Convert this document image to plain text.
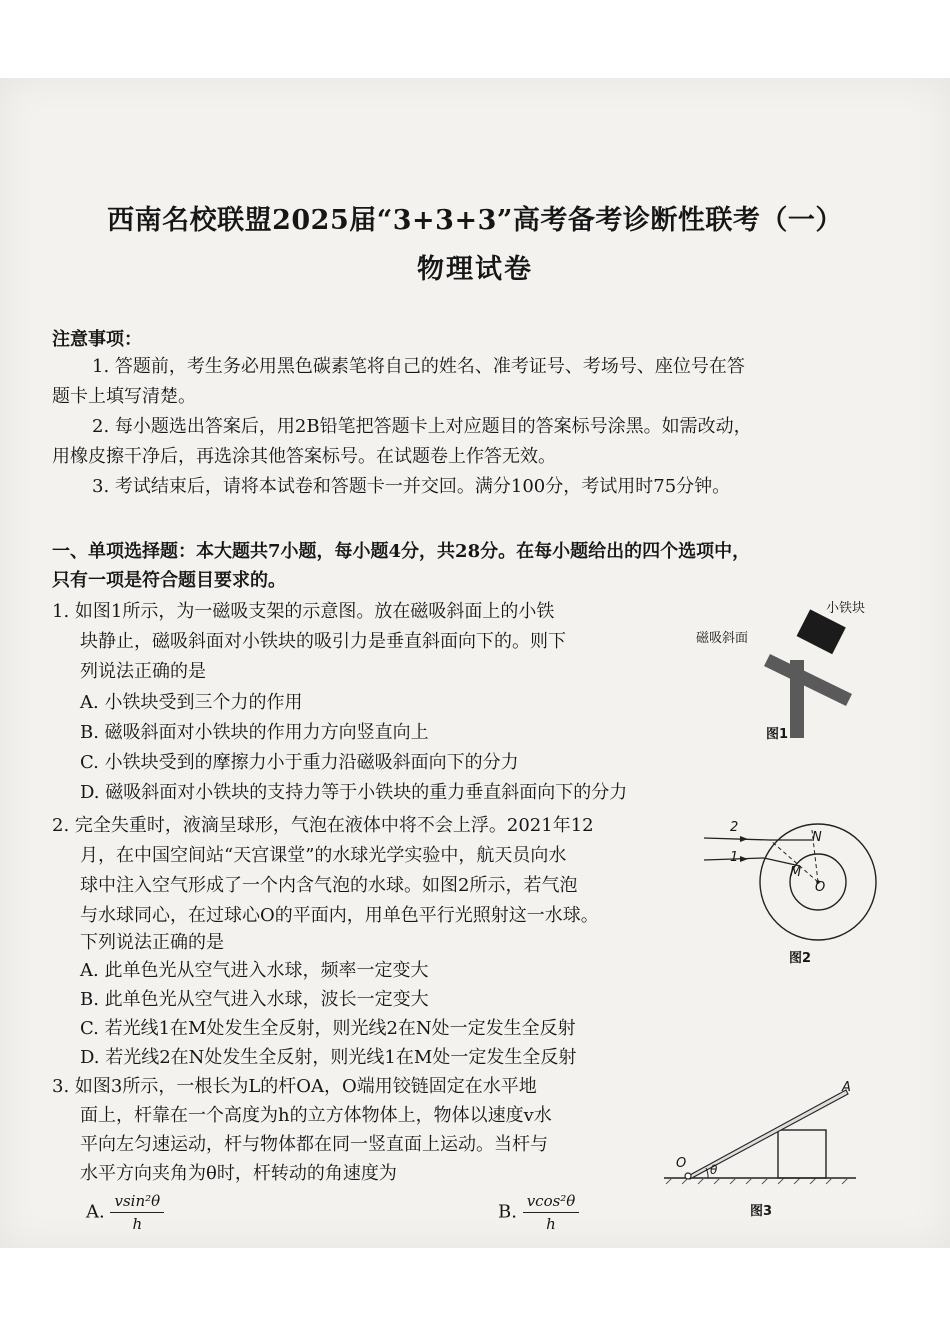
西南名校联盟2025届“3+3+3”高考备考诊断性联考（一）
物理试卷
注意事项：
1. 答题前，考生务必用黑色碳素笔将自己的姓名、准考证号、考场号、座位号在答
题卡上填写清楚。
2. 每小题选出答案后，用2B铅笔把答题卡上对应题目的答案标号涂黑。如需改动，
用橡皮擦干净后，再选涂其他答案标号。在试题卷上作答无效。
3. 考试结束后，请将本试卷和答题卡一并交回。满分100分，考试用时75分钟。
一、单项选择题：本大题共7小题，每小题4分，共28分。在每小题给出的四个选项中，
只有一项是符合题目要求的。
1. 如图1所示，为一磁吸支架的示意图。放在磁吸斜面上的小铁
块静止，磁吸斜面对小铁块的吸引力是垂直斜面向下的。则下
列说法正确的是
A. 小铁块受到三个力的作用
B. 磁吸斜面对小铁块的作用力方向竖直向上
C. 小铁块受到的摩擦力小于重力沿磁吸斜面向下的分力
D. 磁吸斜面对小铁块的支持力等于小铁块的重力垂直斜面向下的分力
小铁块
磁吸斜面
图1
2. 完全失重时，液滴呈球形，气泡在液体中将不会上浮。2021年12
月，在中国空间站“天宫课堂”的水球光学实验中，航天员向水
球中注入空气形成了一个内含气泡的水球。如图2所示，若气泡
与水球同心，在过球心O的平面内，用单色平行光照射这一水球。
下列说法正确的是
A. 此单色光从空气进入水球，频率一定变大
B. 此单色光从空气进入水球，波长一定变大
C. 若光线1在M处发生全反射，则光线2在N处一定发生全反射
D. 若光线2在N处发生全反射，则光线1在M处一定发生全反射
2
1
N
M
O
图2
3. 如图3所示，一根长为L的杆OA，O端用铰链固定在水平地
面上，杆靠在一个高度为h的立方体物体上，物体以速度v水
平向左匀速运动，杆与物体都在同一竖直面上运动。当杆与
水平方向夹角为θ时，杆转动的角速度为
A. $\frac{\text{vsin²θ}}{h}$	B. $\frac{\text{vcos²θ}}{h}$
A
O θ
图3
